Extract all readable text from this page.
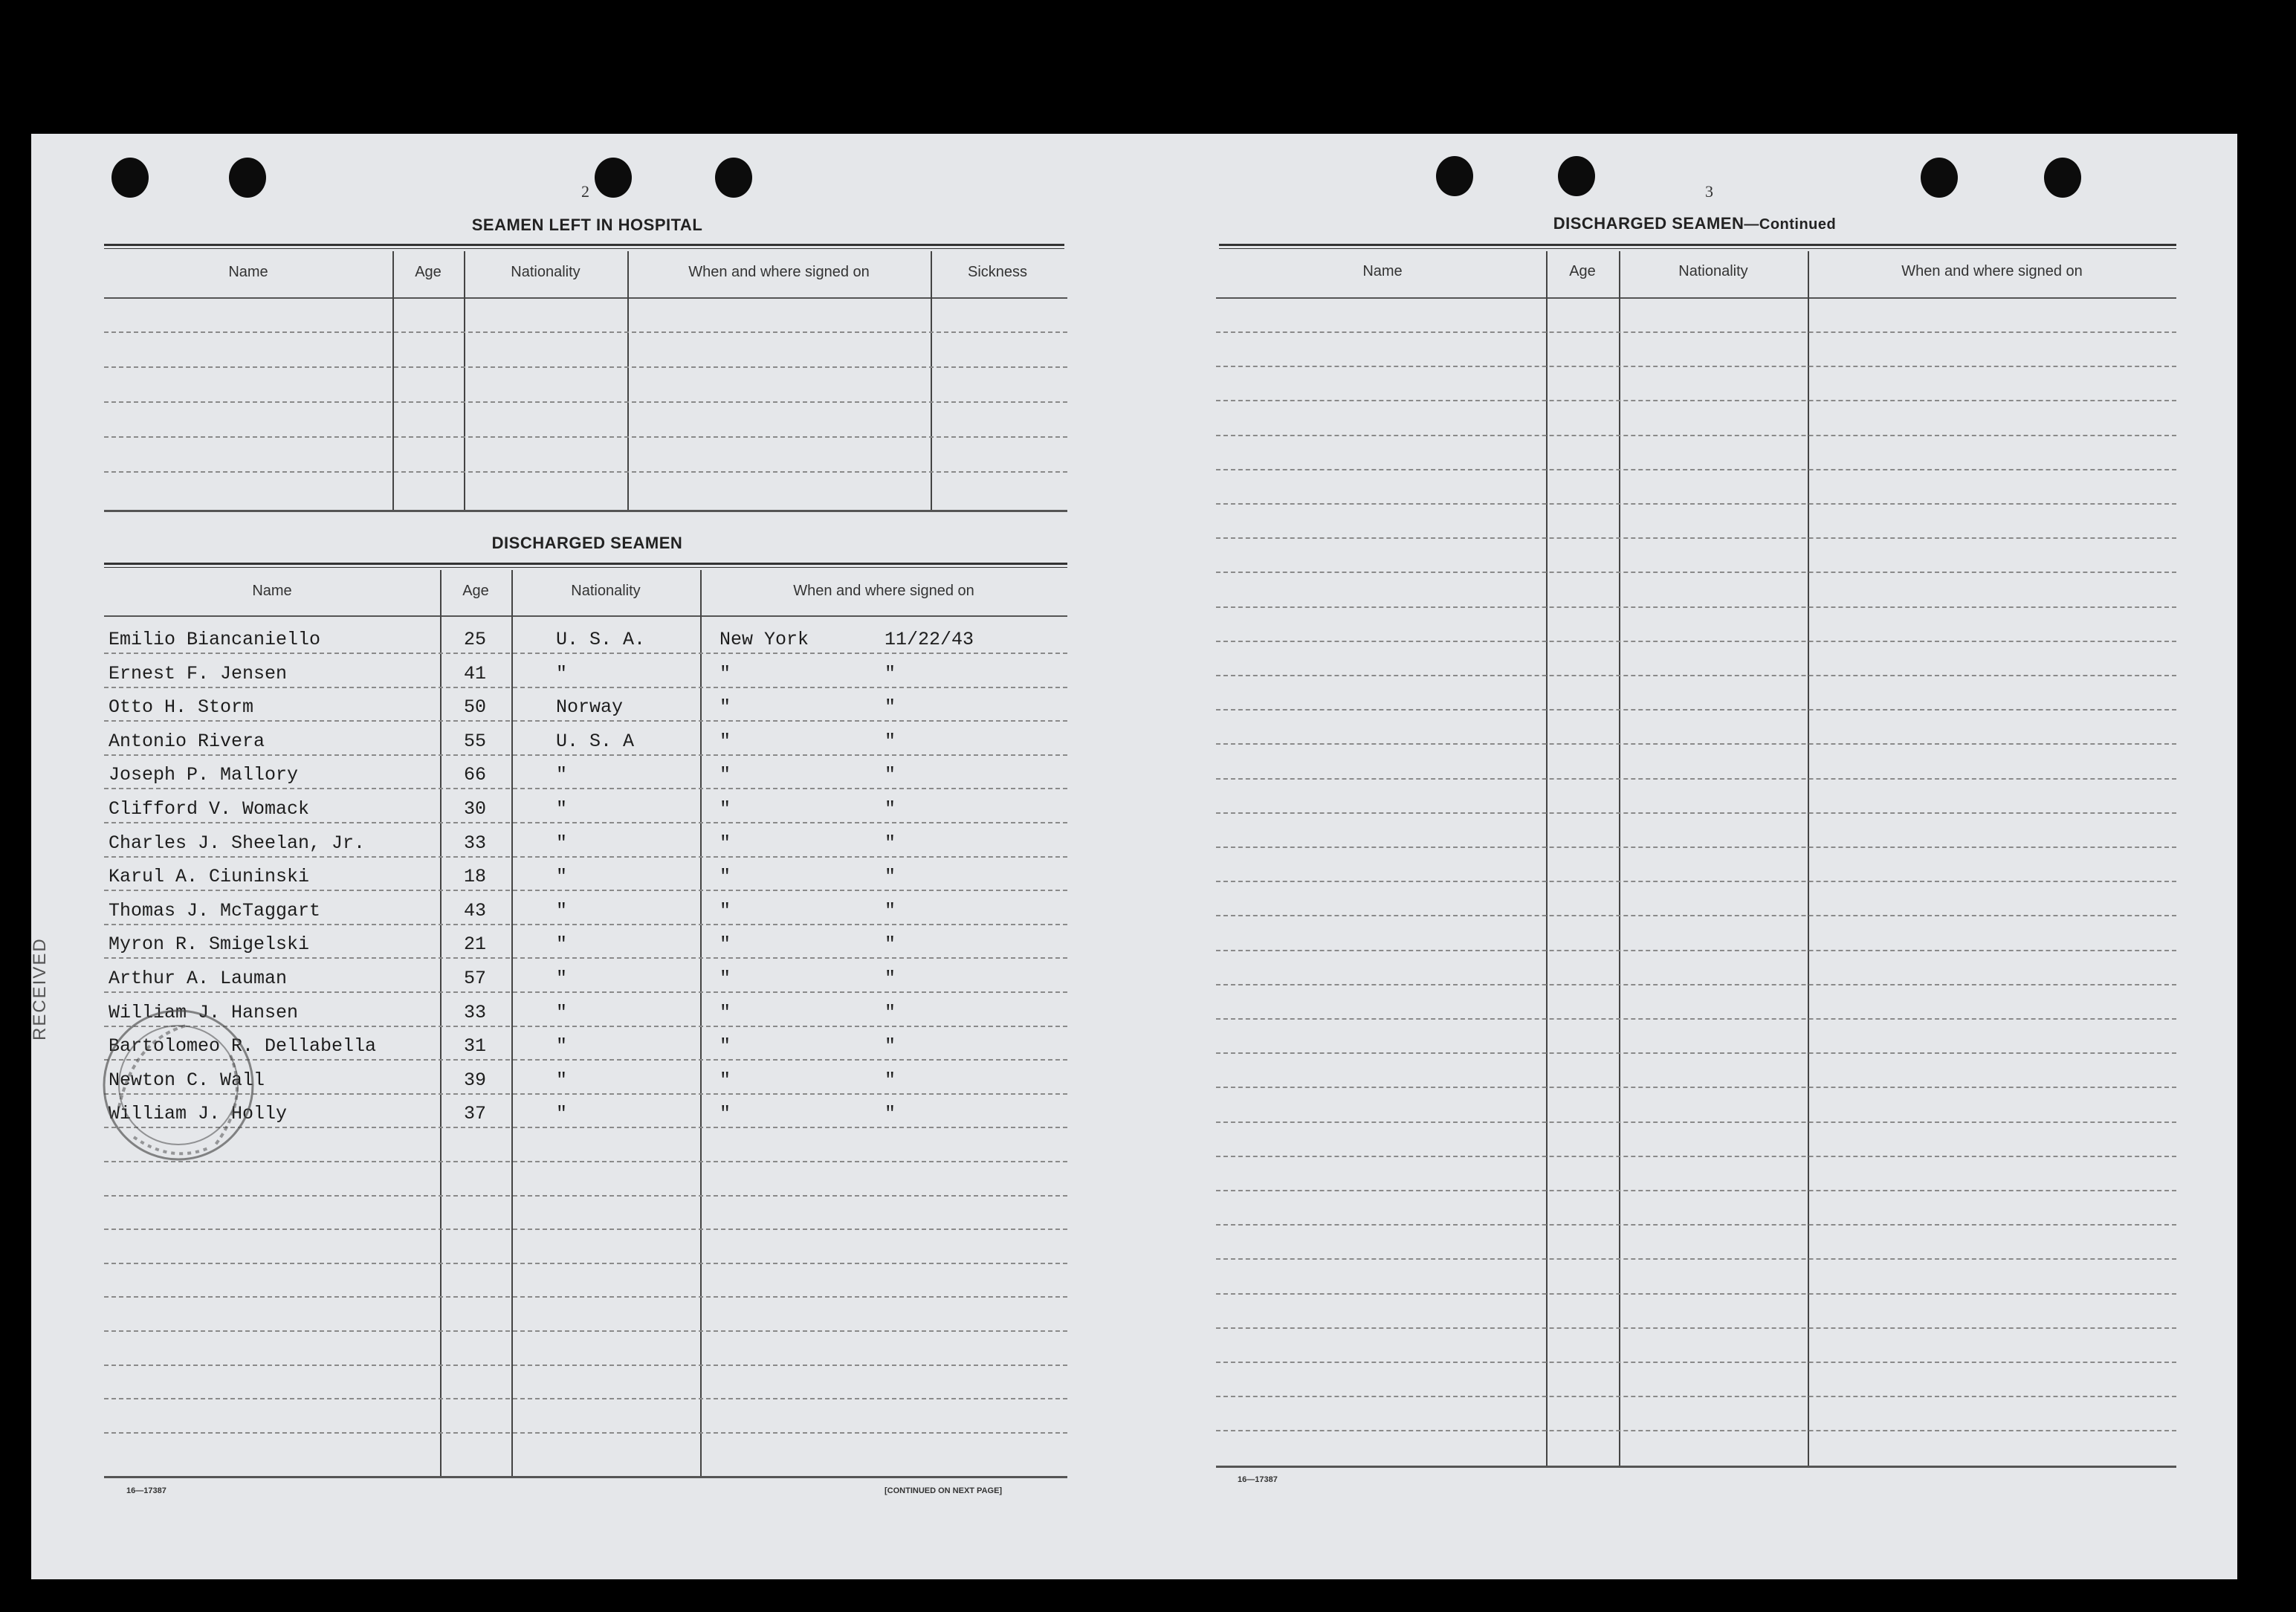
2
SEAMEN LEFT IN HOSPITAL
Name	Age	Nationality	When and where signed on	Sickness
DISCHARGED SEAMEN
Name	Age	Nationality	When and where signed on
Emilio Biancaniello	25	U. S. A.	New York	11/22/43
Ernest F. Jensen	41	"	"	"
Otto H. Storm	50	Norway	"	"
Antonio Rivera	55	U. S. A	"	"
Joseph P. Mallory	66	"	"	"
Clifford V. Womack	30	"	"	"
Charles J. Sheelan, Jr.	33	"	"	"
Karul A. Ciuninski	18	"	"	"
Thomas J. McTaggart	43	"	"	"
Myron R. Smigelski	21	"	"	"
Arthur A. Lauman	57	"	"	"
William J. Hansen	33	"	"	"
Bartolomeo R. Dellabella	31	"	"	"
Newton C. Wall	39	"	"	"
William J. Holly	37	"	"	"
16—17387	[CONTINUED ON NEXT PAGE]
RECEIVED
3
DISCHARGED SEAMEN—Continued
Name	Age	Nationality	When and where signed on
16—17387
